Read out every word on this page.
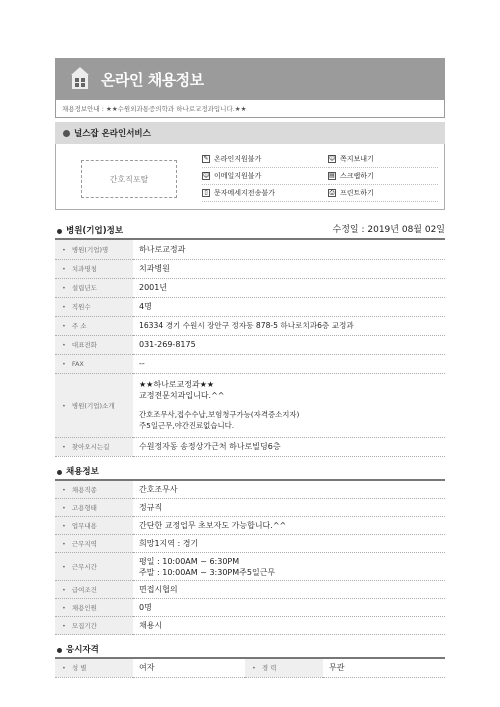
온라인 채용정보
채용정보안내 : ★★수원외과통증의학과 하나로교정과입니다.★★
널스잡 온라인서비스
간호직포탈
✎ 온라인지원불가
☺ 이메일지원불가
▯ 문자메세지전송불가
☺ 쪽지보내기
▤ 스크랩하기
⎙ 프린트하기
병원(기업)정보	수정일 : 2019년 08월 02일
• 병원(기업)명	하나로교정과
• 치과명칭	치과병원
• 설립년도	2001년
• 직원수	4명
• 주 소	16334 경기 수원시 장안구 정자동 878-5 하나로치과6층 교정과
• 대표전화	031-269-8175
• FAX	--
• 병원(기업)소개	★★하나로교정과★★
교정전문치과입니다.^^
간호조무사,접수수납,보험청구가능(자격증소지자)
주5일근무,야간진료없습니다.

• 찾아오시는길	수원정자동 송정상가근처 하나로빌딩6층
채용정보
• 채용직종	간호조무사
• 고용형태	정규직
• 업무내용	간단한 교정업무 초보자도 가능합니다.^^
• 근무지역	희망1지역 : 경기
• 근무시간	평일 : 10:00AM ~ 6:30PM
주말 : 10:00AM ~ 3:30PM주5일근무

• 급여조건	면접시협의
• 채용인원	0명
• 모집기간	채용시
응시자격
• 성 별	여자	•경 력	무관
